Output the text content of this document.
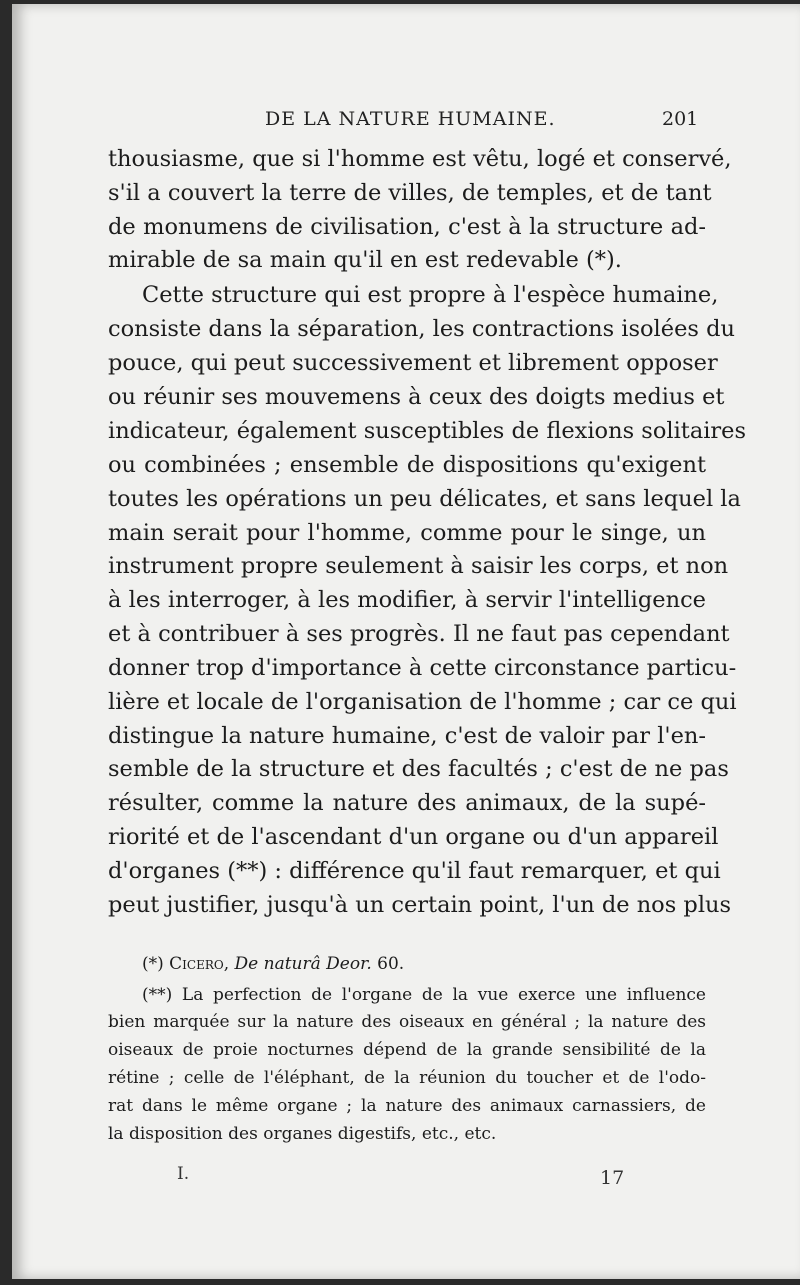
DE LA NATURE HUMAINE.	201
thousiasme, que si l'homme est vêtu, logé et conservé,
s'il a couvert la terre de villes, de temples, et de tant
de monumens de civilisation, c'est à la structure ad-
mirable de sa main qu'il en est redevable (*).
Cette structure qui est propre à l'espèce humaine,
consiste dans la séparation, les contractions isolées du
pouce, qui peut successivement et librement opposer
ou réunir ses mouvemens à ceux des doigts medius et
indicateur, également susceptibles de flexions solitaires
ou combinées ; ensemble de dispositions qu'exigent
toutes les opérations un peu délicates, et sans lequel la
main serait pour l'homme, comme pour le singe, un
instrument propre seulement à saisir les corps, et non
à les interroger, à les modifier, à servir l'intelligence
et à contribuer à ses progrès. Il ne faut pas cependant
donner trop d'importance à cette circonstance particu-
lière et locale de l'organisation de l'homme ; car ce qui
distingue la nature humaine, c'est de valoir par l'en-
semble de la structure et des facultés ; c'est de ne pas
résulter, comme la nature des animaux, de la supé-
riorité et de l'ascendant d'un organe ou d'un appareil
d'organes (**) : différence qu'il faut remarquer, et qui
peut justifier, jusqu'à un certain point, l'un de nos plus
(*) Cicero, De naturâ Deor. 60.
(**) La perfection de l'organe de la vue exerce une influence
bien marquée sur la nature des oiseaux en général ; la nature des
oiseaux de proie nocturnes dépend de la grande sensibilité de la
rétine ; celle de l'éléphant, de la réunion du toucher et de l'odo-
rat dans le même organe ; la nature des animaux carnassiers, de
la disposition des organes digestifs, etc., etc.
I.	17
